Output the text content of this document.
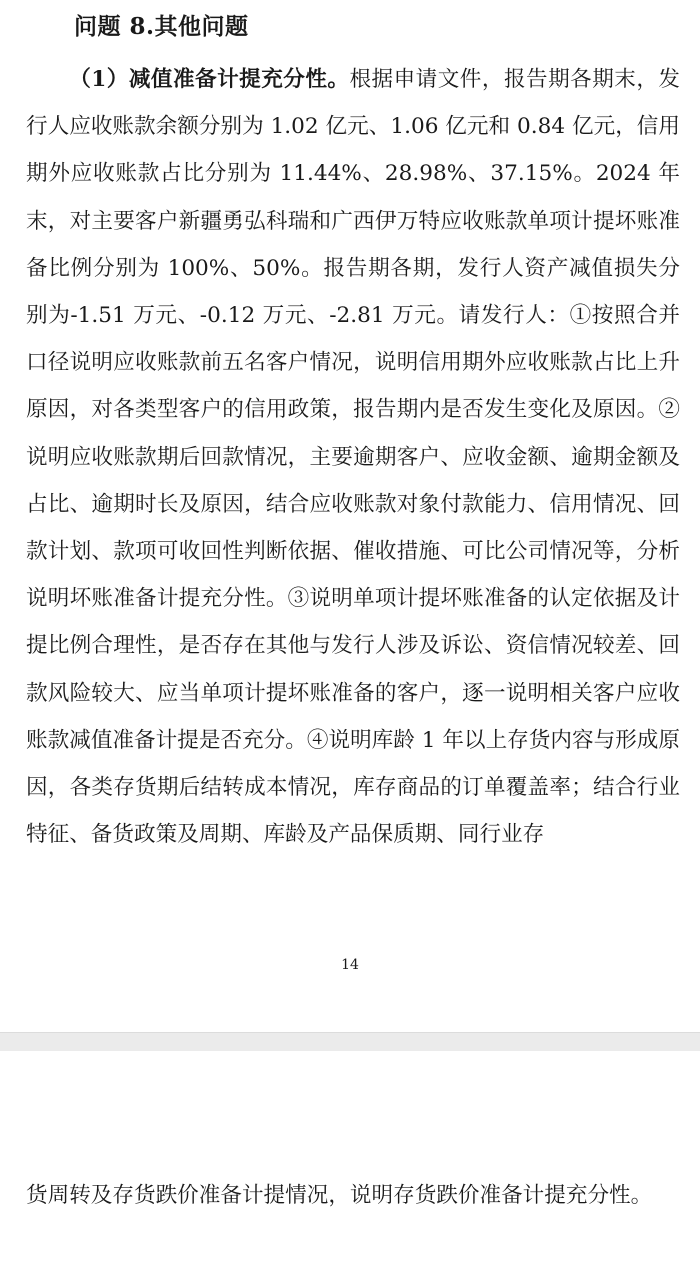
问题 8.其他问题

（1）减值准备计提充分性。根据申请文件，报告期各期末，发行人应收账款余额分别为 1.02 亿元、1.06 亿元和 0.84 亿元，信用期外应收账款占比分别为 11.44%、28.98%、37.15%。2024 年末，对主要客户新疆勇弘科瑞和广西伊万特应收账款单项计提坏账准备比例分别为 100%、50%。报告期各期，发行人资产减值损失分别为-1.51 万元、-0.12 万元、-2.81 万元。请发行人：①按照合并口径说明应收账款前五名客户情况，说明信用期外应收账款占比上升原因，对各类型客户的信用政策，报告期内是否发生变化及原因。②说明应收账款期后回款情况，主要逾期客户、应收金额、逾期金额及占比、逾期时长及原因，结合应收账款对象付款能力、信用情况、回款计划、款项可收回性判断依据、催收措施、可比公司情况等，分析说明坏账准备计提充分性。③说明单项计提坏账准备的认定依据及计提比例合理性，是否存在其他与发行人涉及诉讼、资信情况较差、回款风险较大、应当单项计提坏账准备的客户，逐一说明相关客户应收账款减值准备计提是否充分。④说明库龄 1 年以上存货内容与形成原因，各类存货期后结转成本情况，库存商品的订单覆盖率；结合行业特征、备货政策及周期、库龄及产品保质期、同行业存

14

货周转及存货跌价准备计提情况，说明存货跌价准备计提充分性。
